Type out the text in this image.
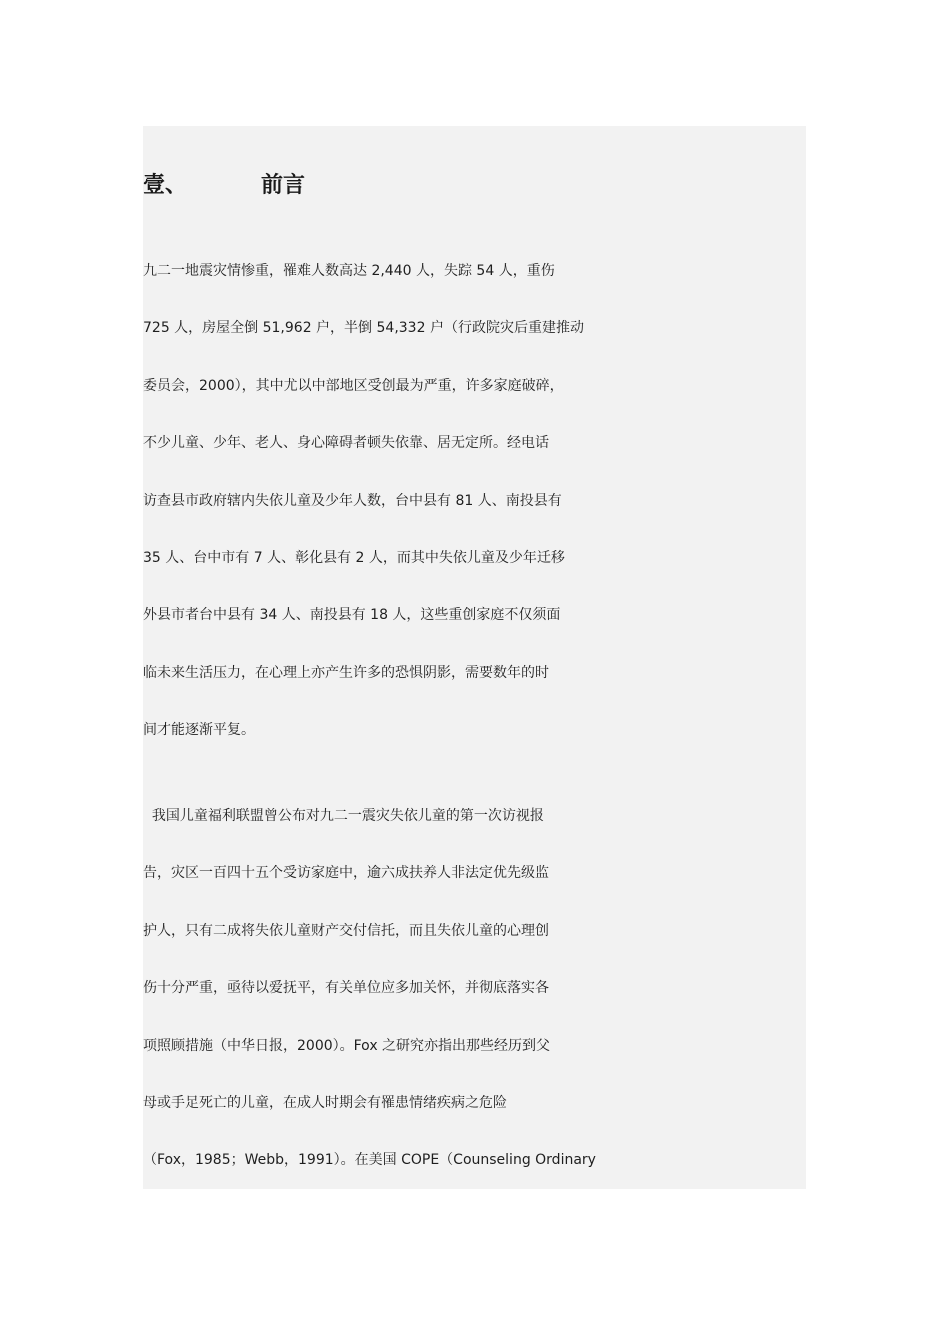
壹、	前言
九二一地震灾情惨重，罹难人数高达 2,440 人，失踪 54 人，重伤
725 人，房屋全倒 51,962 户，半倒 54,332 户（行政院灾后重建推动
委员会，2000），其中尤以中部地区受创最为严重，许多家庭破碎，
不少儿童、少年、老人、身心障碍者顿失依靠、居无定所。经电话
访查县市政府辖内失依儿童及少年人数，台中县有 81 人、南投县有
35 人、台中市有 7 人、彰化县有 2 人，而其中失依儿童及少年迁移
外县市者台中县有 34 人、南投县有 18 人，这些重创家庭不仅须面
临未来生活压力，在心理上亦产生许多的恐惧阴影，需要数年的时
间才能逐渐平复。
我国儿童福利联盟曾公布对九二一震灾失依儿童的第一次访视报
告，灾区一百四十五个受访家庭中，逾六成扶养人非法定优先级监
护人，只有二成将失依儿童财产交付信托，而且失依儿童的心理创
伤十分严重，亟待以爱抚平，有关单位应多加关怀，并彻底落实各
项照顾措施（中华日报，2000）。Fox 之研究亦指出那些经历到父
母或手足死亡的儿童，在成人时期会有罹患情绪疾病之危险
（Fox，1985；Webb，1991）。在美国 COPE（Counseling Ordinary
